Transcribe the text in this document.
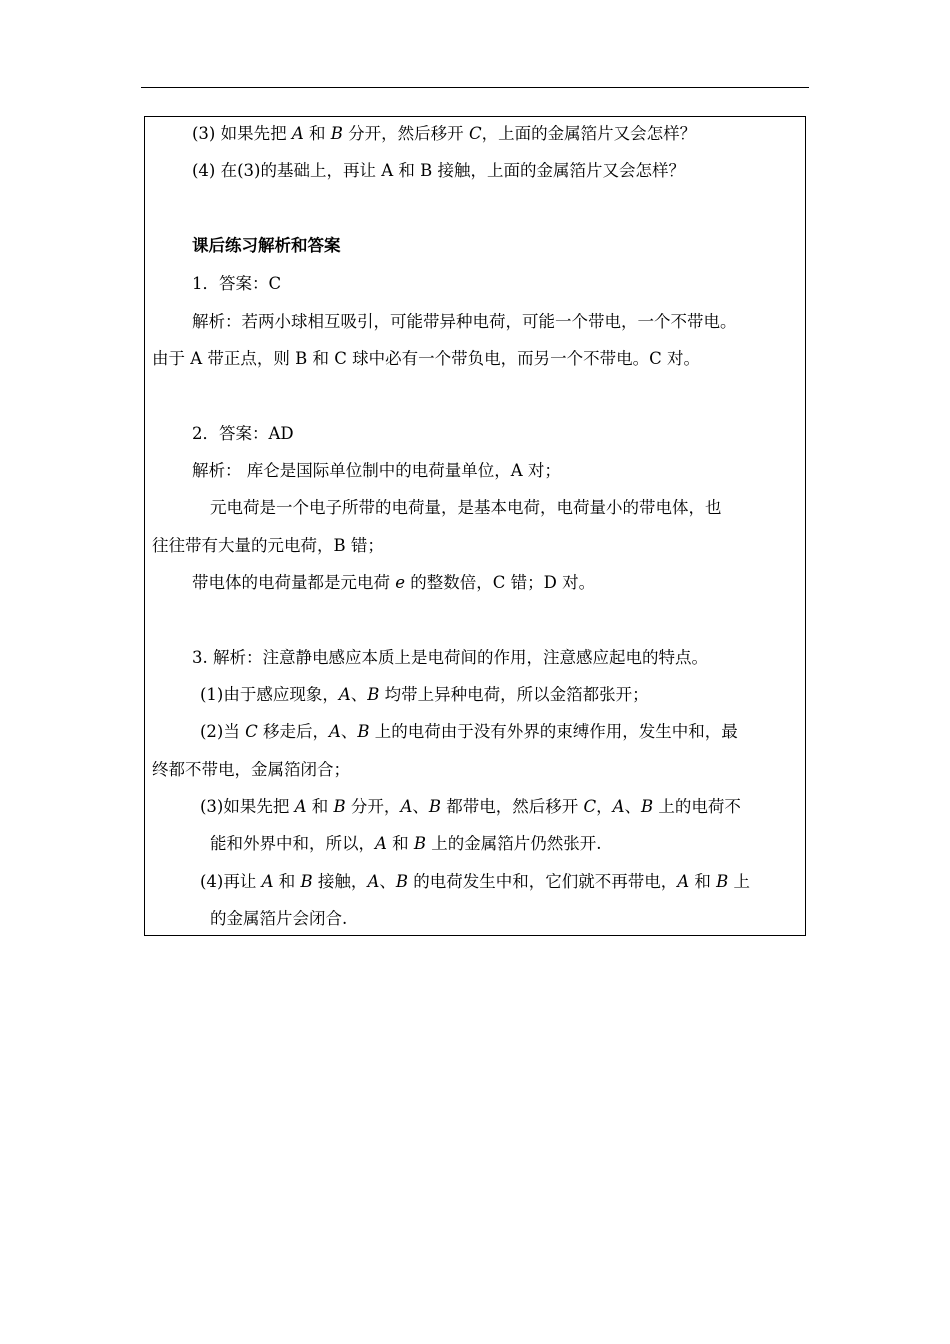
(3) 如果先把 A 和 B 分开，然后移开 C，上面的金属箔片又会怎样？
(4) 在(3)的基础上，再让 A 和 B 接触，上面的金属箔片又会怎样？
课后练习解析和答案
1．答案：C
解析：若两小球相互吸引，可能带异种电荷，可能一个带电，一个不带电。
由于 A 带正点，则 B 和 C 球中必有一个带负电，而另一个不带电。C 对。
2．答案：AD
解析： 库仑是国际单位制中的电荷量单位，A 对；
元电荷是一个电子所带的电荷量，是基本电荷，电荷量小的带电体，也
往往带有大量的元电荷，B 错；
带电体的电荷量都是元电荷 e 的整数倍，C 错；D 对。
3. 解析：注意静电感应本质上是电荷间的作用，注意感应起电的特点。
(1)由于感应现象，A、B 均带上异种电荷，所以金箔都张开；
(2)当 C 移走后，A、B 上的电荷由于没有外界的束缚作用，发生中和，最
终都不带电，金属箔闭合；
(3)如果先把 A 和 B 分开，A、B 都带电，然后移开 C，A、B 上的电荷不
能和外界中和，所以，A 和 B 上的金属箔片仍然张开.
(4)再让 A 和 B 接触，A、B 的电荷发生中和，它们就不再带电，A 和 B 上
的金属箔片会闭合.
